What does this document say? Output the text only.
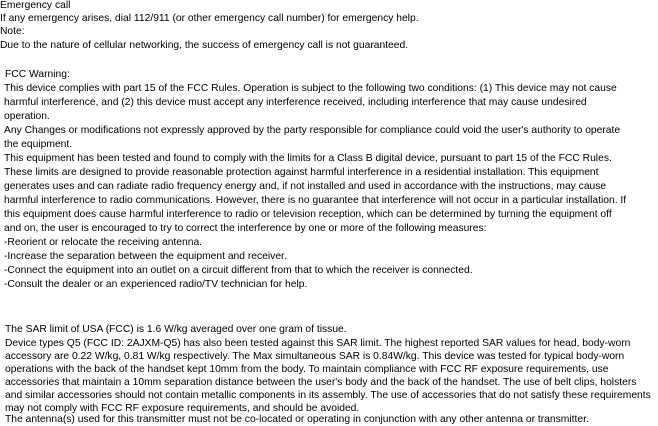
Emergency call
If any emergency arises, dial 112/911 (or other emergency call number) for emergency help.
Note:
Due to the nature of cellular networking, the success of emergency call is not guaranteed.
FCC Warning:
This device complies with part 15 of the FCC Rules. Operation is subject to the following two conditions: (1) This device may not cause
harmful interference, and (2) this device must accept any interference received, including interference that may cause undesired
operation.
Any Changes or modifications not expressly approved by the party responsible for compliance could void the user's authority to operate
the equipment.
This equipment has been tested and found to comply with the limits for a Class B digital device, pursuant to part 15 of the FCC Rules.
These limits are designed to provide reasonable protection against harmful interference in a residential installation. This equipment
generates uses and can radiate radio frequency energy and, if not installed and used in accordance with the instructions, may cause
harmful interference to radio communications. However, there is no guarantee that interference will not occur in a particular installation. If
this equipment does cause harmful interference to radio or television reception, which can be determined by turning the equipment off
and on, the user is encouraged to try to correct the interference by one or more of the following measures:
-Reorient or relocate the receiving antenna.
-Increase the separation between the equipment and receiver.
-Connect the equipment into an outlet on a circuit different from that to which the receiver is connected.
-Consult the dealer or an experienced radio/TV technician for help.
The SAR limit of USA (FCC) is 1.6 W/kg averaged over one gram of tissue.
Device types Q5 (FCC ID: 2AJXM-Q5) has also been tested against this SAR limit. The highest reported SAR values for head, body-worn
accessory are 0.22 W/kg, 0.81 W/kg respectively. The Max simultaneous SAR is 0.84W/kg. This device was tested for typical body-worn
operations with the back of the handset kept 10mm from the body. To maintain compliance with FCC RF exposure requirements, use
accessories that maintain a 10mm separation distance between the user's body and the back of the handset. The use of belt clips, holsters
and similar accessories should not contain metallic components in its assembly. The use of accessories that do not satisfy these requirements
may not comply with FCC RF exposure requirements, and should be avoided.
The antenna(s) used for this transmitter must not be co-located or operating in conjunction with any other antenna or transmitter.
